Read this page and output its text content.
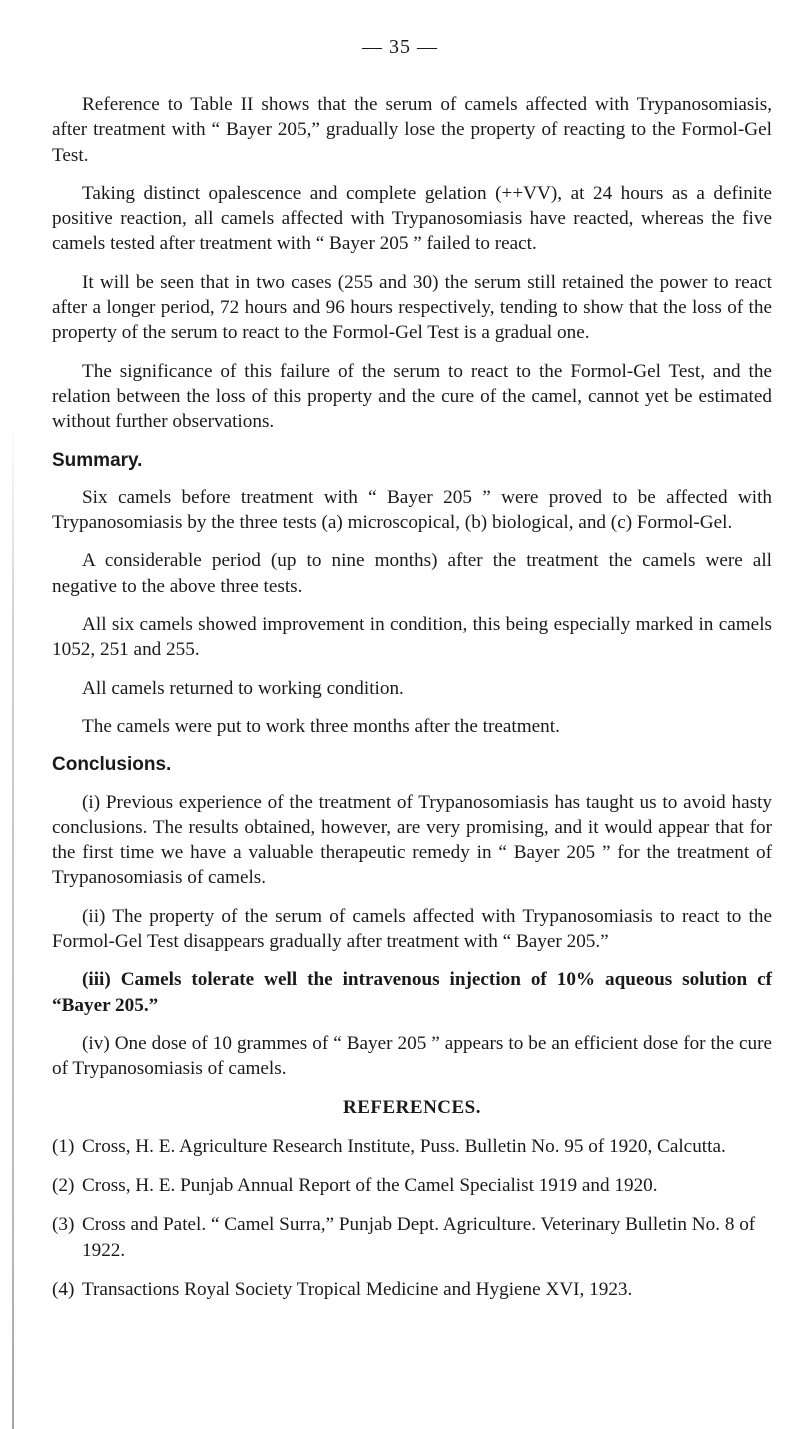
— 35 —

Reference to Table II shows that the serum of camels affected with Trypanosomiasis, after treatment with “ Bayer 205,” gradually lose the property of reacting to the Formol-Gel Test.

Taking distinct opalescence and complete gelation (++VV), at 24 hours as a definite positive reaction, all camels affected with Trypanosomiasis have reacted, whereas the five camels tested after treatment with “ Bayer 205 ” failed to react.

It will be seen that in two cases (255 and 30) the serum still retained the power to react after a longer period, 72 hours and 96 hours respectively, tending to show that the loss of the property of the serum to react to the Formol-Gel Test is a gradual one.

The significance of this failure of the serum to react to the Formol-Gel Test, and the relation between the loss of this property and the cure of the camel, cannot yet be estimated without further observations.

Summary.

Six camels before treatment with “ Bayer 205 ” were proved to be affected with Trypanosomiasis by the three tests (a) microscopical, (b) biological, and (c) Formol-Gel.

A considerable period (up to nine months) after the treatment the camels were all negative to the above three tests.

All six camels showed improvement in condition, this being especially marked in camels 1052, 251 and 255.

All camels returned to working condition.

The camels were put to work three months after the treatment.

Conclusions.

(i) Previous experience of the treatment of Trypanosomiasis has taught us to avoid hasty conclusions. The results obtained, however, are very promising, and it would appear that for the first time we have a valuable therapeutic remedy in “ Bayer 205 ” for the treatment of Trypanosomiasis of camels.

(ii) The property of the serum of camels affected with Trypanosomiasis to react to the Formol-Gel Test disappears gradually after treatment with “ Bayer 205.”

(iii) Camels tolerate well the intravenous injection of 10% aqueous solution cf “Bayer 205.”

(iv) One dose of 10 grammes of “ Bayer 205 ” appears to be an efficient dose for the cure of Trypanosomiasis of camels.

REFERENCES.
(1) Cross, H. E. Agriculture Research Institute, Puss. Bulletin No. 95 of 1920, Calcutta.
(2) Cross, H. E. Punjab Annual Report of the Camel Specialist 1919 and 1920.
(3) Cross and Patel. “ Camel Surra,” Punjab Dept. Agriculture. Veterinary Bulletin No. 8 of 1922.
(4) Transactions Royal Society Tropical Medicine and Hygiene XVI, 1923.
